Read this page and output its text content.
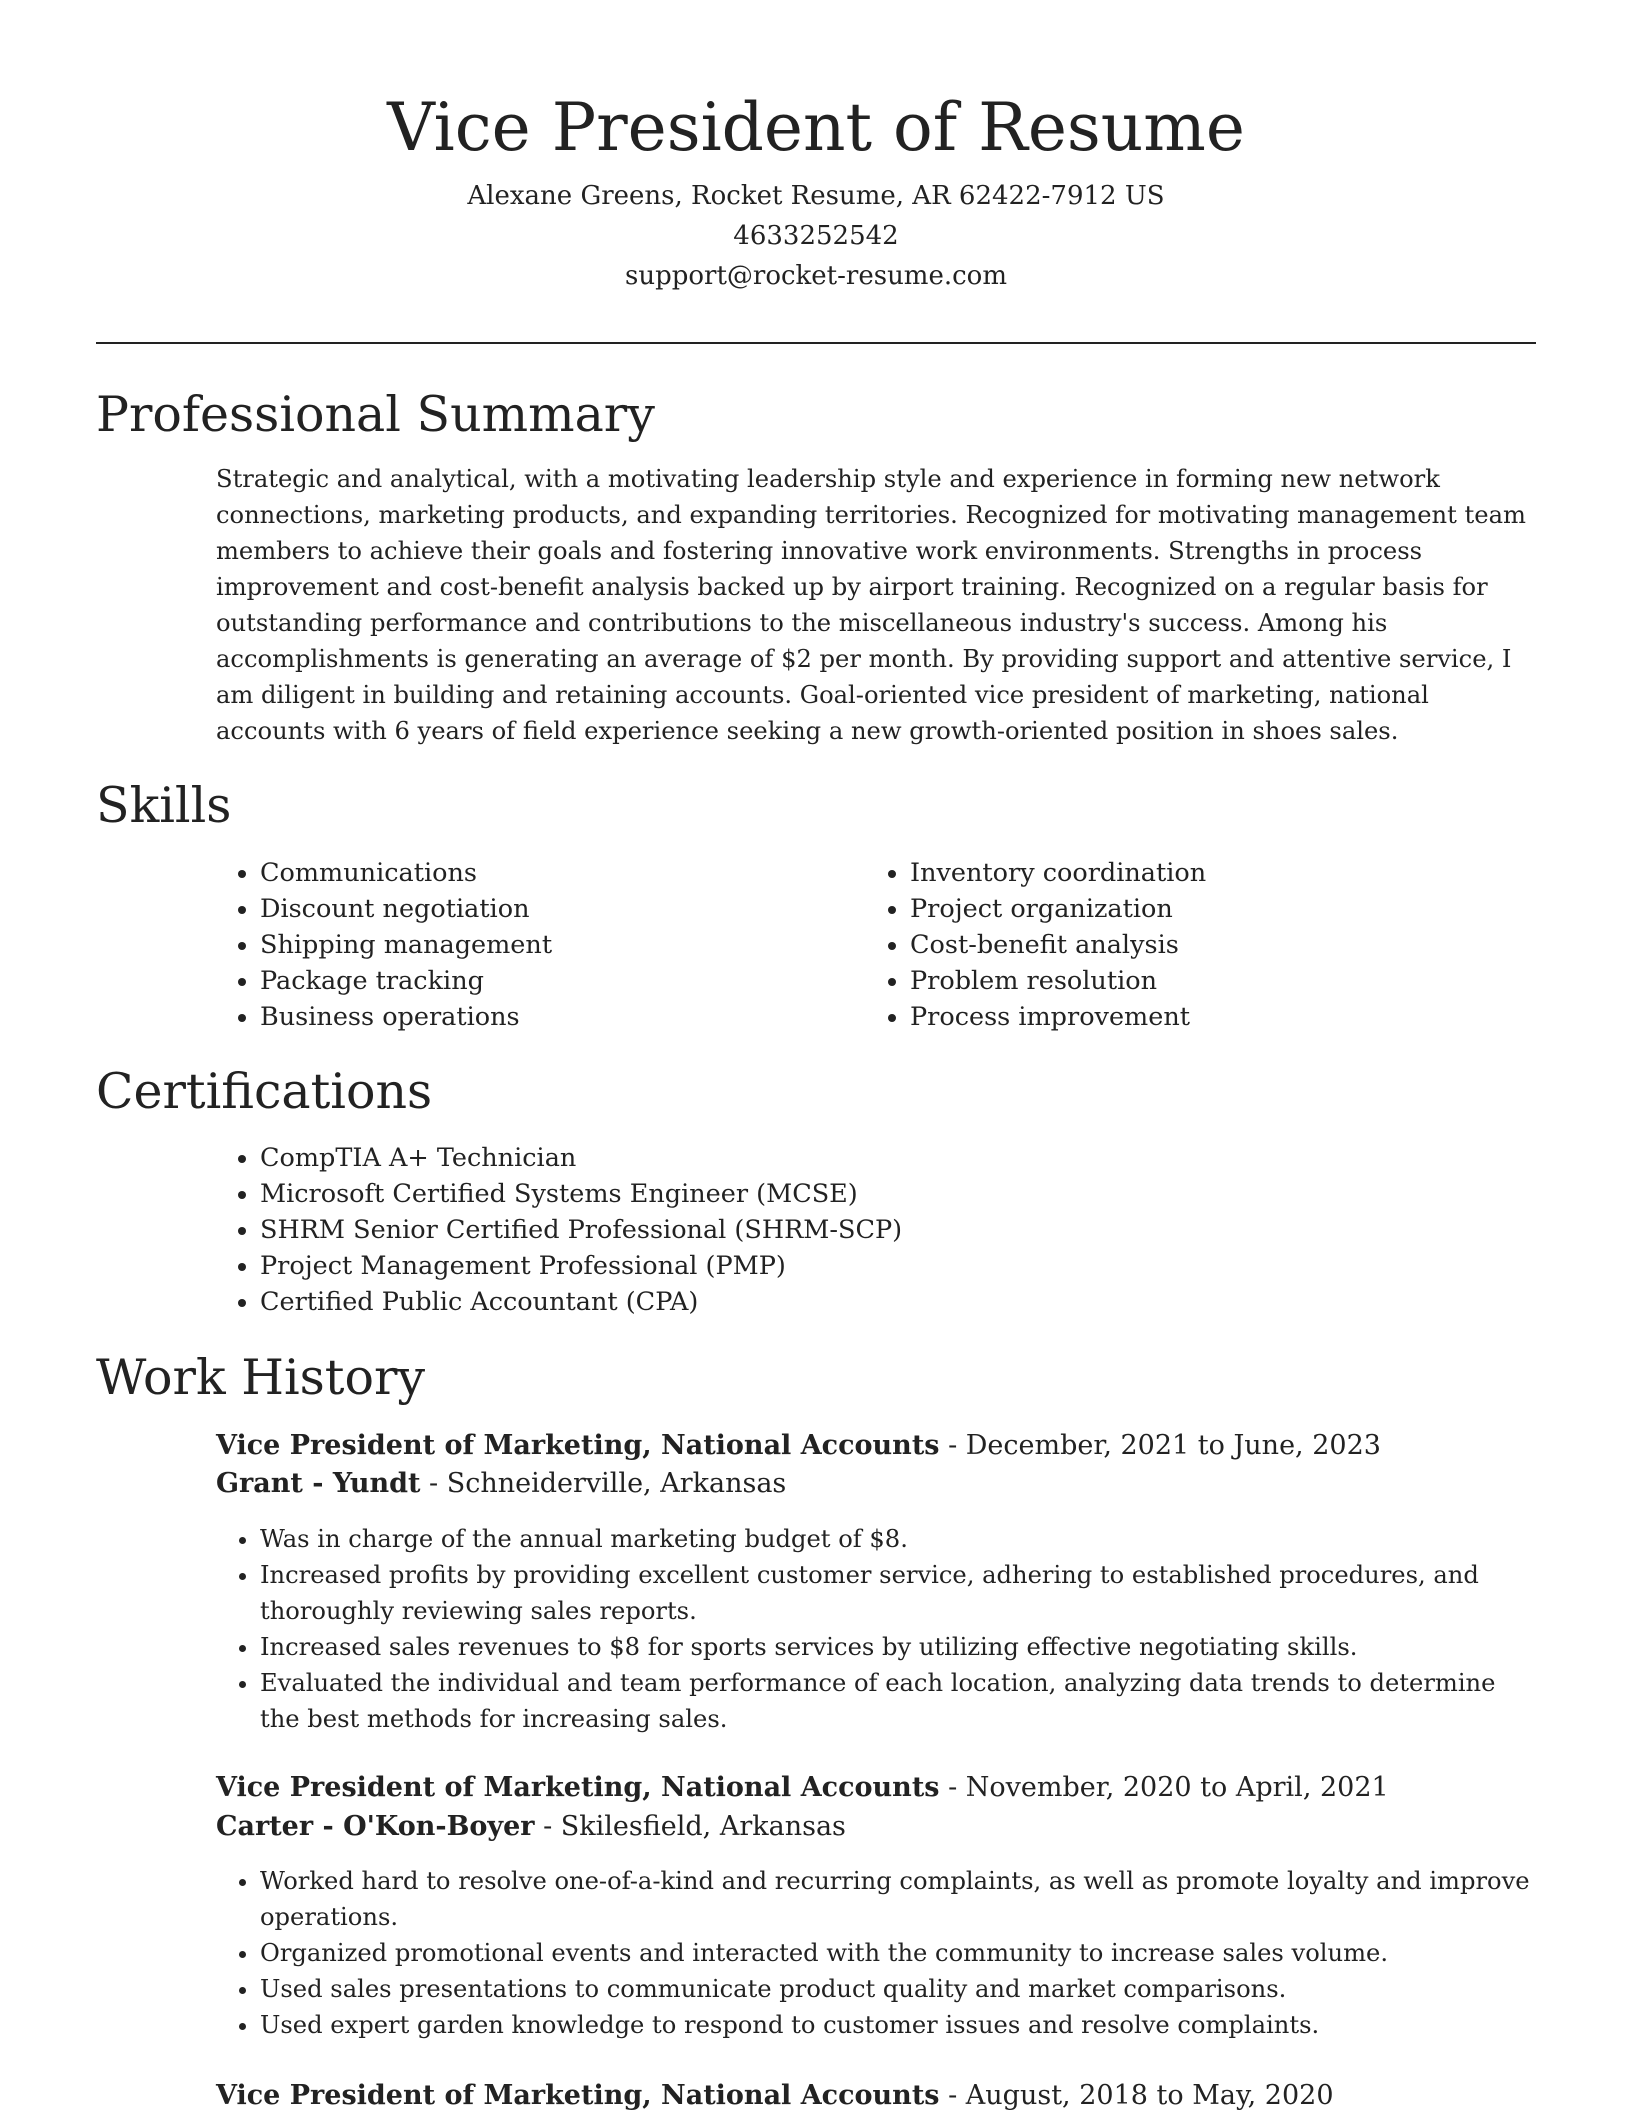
Vice President of Resume
Alexane Greens, Rocket Resume, AR 62422-7912 US
4633252542
support@rocket-resume.com
Professional Summary

Strategic and analytical, with a motivating leadership style and experience in forming new network connections, marketing products, and expanding territories. Recognized for motivating management team members to achieve their goals and fostering innovative work environments. Strengths in process improvement and cost-benefit analysis backed up by airport training. Recognized on a regular basis for outstanding performance and contributions to the miscellaneous industry's success. Among his accomplishments is generating an average of $2 per month. By providing support and attentive service, I am diligent in building and retaining accounts. Goal-oriented vice president of marketing, national accounts with 6 years of field experience seeking a new growth-oriented position in shoes sales.

Skills
• Communications
• Discount negotiation
• Shipping management
• Package tracking
• Business operations
• Inventory coordination
• Project organization
• Cost-benefit analysis
• Problem resolution
• Process improvement
Certifications
• CompTIA A+ Technician
• Microsoft Certified Systems Engineer (MCSE)
• SHRM Senior Certified Professional (SHRM-SCP)
• Project Management Professional (PMP)
• Certified Public Accountant (CPA)
Work History
Vice President of Marketing, National Accounts - December, 2021 to June, 2023
Grant - Yundt - Schneiderville, Arkansas
• Was in charge of the annual marketing budget of $8.
• Increased profits by providing excellent customer service, adhering to established procedures, and thoroughly reviewing sales reports.
• Increased sales revenues to $8 for sports services by utilizing effective negotiating skills.
• Evaluated the individual and team performance of each location, analyzing data trends to determine the best methods for increasing sales.
Vice President of Marketing, National Accounts - November, 2020 to April, 2021
Carter - O'Kon-Boyer - Skilesfield, Arkansas
• Worked hard to resolve one-of-a-kind and recurring complaints, as well as promote loyalty and improve operations.
• Organized promotional events and interacted with the community to increase sales volume.
• Used sales presentations to communicate product quality and market comparisons.
• Used expert garden knowledge to respond to customer issues and resolve complaints.
Vice President of Marketing, National Accounts - August, 2018 to May, 2020
